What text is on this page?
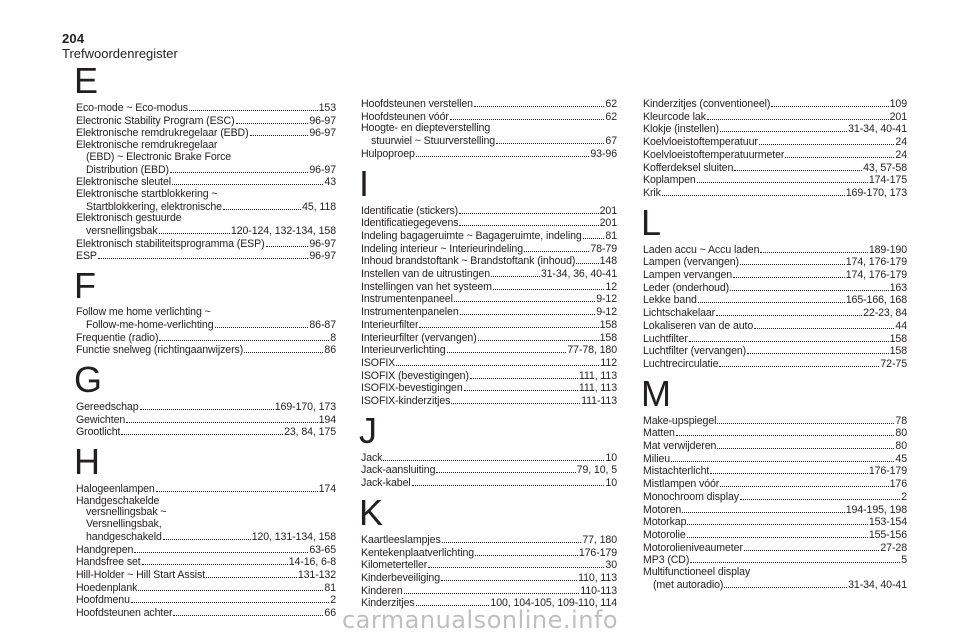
204
Trefwoordenregister
E
Eco-mode ~ Eco-modus	153
Electronic Stability Program (ESC)	96-97
Elektronische remdrukregelaar (EBD)	96-97
Elektronische remdrukregelaar
(EBD) ~ Electronic Brake Force
Distribution (EBD)	96-97
Elektronische sleutel	43
Elektronische startblokkering ~
Startblokkering, elektronische	45, 118
Elektronisch gestuurde
versnellingsbak	120-124, 132-134, 158
Elektronisch stabiliteitsprogramma (ESP)	96-97
ESP	96-97
F
Follow me home verlichting ~
Follow-me-home-verlichting	86-87
Frequentie (radio)	8
Functie snelweg (richtingaanwijzers)	86
G
Gereedschap	169-170, 173
Gewichten	194
Grootlicht	23, 84, 175
H
Halogeenlampen	174
Handgeschakelde
versnellingsbak ~
Versnellingsbak,
handgeschakeld	120, 131-134, 158
Handgrepen	63-65
Handsfree set	14-16, 6-8
Hill-Holder ~ Hill Start Assist	131-132
Hoedenplank	81
Hoofdmenu	2
Hoofdsteunen achter	66
Hoofdsteunen verstellen	62
Hoofdsteunen vóór	62
Hoogte- en diepteverstelling
stuurwiel ~ Stuurverstelling	67
Hulpoproep	93-96
I
Identificatie (stickers)	201
Identificatiegegevens	201
Indeling bagageruimte ~ Bagageruimte, indeling 81
Indeling interieur ~ Interieurindeling	78-79
Inhoud brandstoftank ~ Brandstoftank (inhoud) 148
Instellen van de uitrustingen	31-34, 36, 40-41
Instellingen van het systeem	12
Instrumentenpaneel	9-12
Instrumentenpanelen	9-12
Interieurfilter	158
Interieurfilter (vervangen)	158
Interieurverlichting	77-78, 180
ISOFIX	112
ISOFIX (bevestigingen)	111, 113
ISOFIX-bevestigingen	111, 113
ISOFIX-kinderzitjes	111-113
J
Jack	10
Jack-aansluiting	79, 10, 5
Jack-kabel	10
K
Kaartleeslampjes	77, 180
Kentekenplaatverlichting	176-179
Kilometerteller	30
Kinderbeveiliging	110, 113
Kinderen	110-113
Kinderzitjes	100, 104-105, 109-110, 114
Kinderzitjes (conventioneel)	109
Kleurcode lak	201
Klokje (instellen)	31-34, 40-41
Koelvloeistoftemperatuur	24
Koelvloeistoftemperatuurmeter	24
Kofferdeksel sluiten	43, 57-58
Koplampen	174-175
Krik	169-170, 173
L
Laden accu ~ Accu laden	189-190
Lampen (vervangen)	174, 176-179
Lampen vervangen	174, 176-179
Leder (onderhoud)	163
Lekke band	165-166, 168
Lichtschakelaar	22-23, 84
Lokaliseren van de auto	44
Luchtfilter	158
Luchtfilter (vervangen)	158
Luchtrecirculatie	72-75
M
Make-upspiegel	78
Matten	80
Mat verwijderen	80
Milieu	45
Mistachterlicht	176-179
Mistlampen vóór	176
Monochroom display	2
Motoren	194-195, 198
Motorkap	153-154
Motorolie	155-156
Motorolieniveaumeter	27-28
MP3 (CD)	5
Multifunctioneel display
(met autoradio)	31-34, 40-41
carmanualsonline.info
